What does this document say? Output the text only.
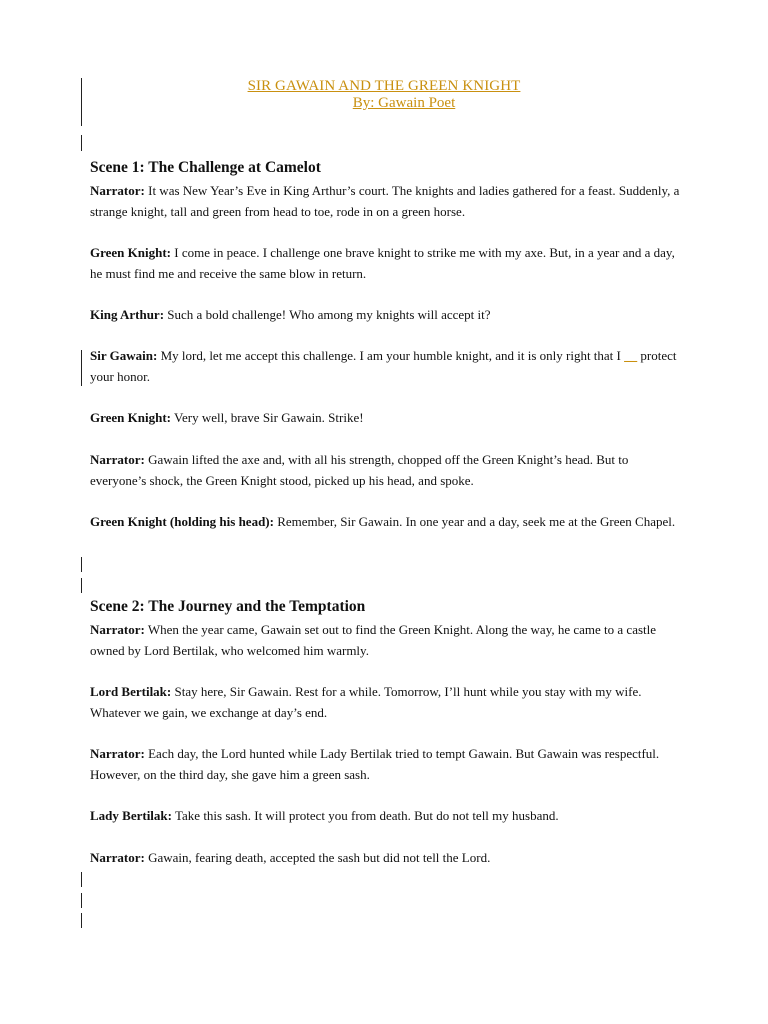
SIR GAWAIN AND THE GREEN KNIGHT
By: Gawain Poet
Scene 1: The Challenge at Camelot

Narrator: It was New Year’s Eve in King Arthur’s court. The knights and ladies gathered for a feast. Suddenly, a strange knight, tall and green from head to toe, rode in on a green horse.

Green Knight: I come in peace. I challenge one brave knight to strike me with my axe. But, in a year and a day, he must find me and receive the same blow in return.

King Arthur: Such a bold challenge! Who among my knights will accept it?

Sir Gawain: My lord, let me accept this challenge. I am your humble knight, and it is only right that I __ protect your honor.

Green Knight: Very well, brave Sir Gawain. Strike!

Narrator: Gawain lifted the axe and, with all his strength, chopped off the Green Knight’s head. But to everyone’s shock, the Green Knight stood, picked up his head, and spoke.

Green Knight (holding his head): Remember, Sir Gawain. In one year and a day, seek me at the Green Chapel.

Scene 2: The Journey and the Temptation

Narrator: When the year came, Gawain set out to find the Green Knight. Along the way, he came to a castle owned by Lord Bertilak, who welcomed him warmly.

Lord Bertilak: Stay here, Sir Gawain. Rest for a while. Tomorrow, I’ll hunt while you stay with my wife. Whatever we gain, we exchange at day’s end.

Narrator: Each day, the Lord hunted while Lady Bertilak tried to tempt Gawain. But Gawain was respectful. However, on the third day, she gave him a green sash.

Lady Bertilak: Take this sash. It will protect you from death. But do not tell my husband.

Narrator: Gawain, fearing death, accepted the sash but did not tell the Lord.
